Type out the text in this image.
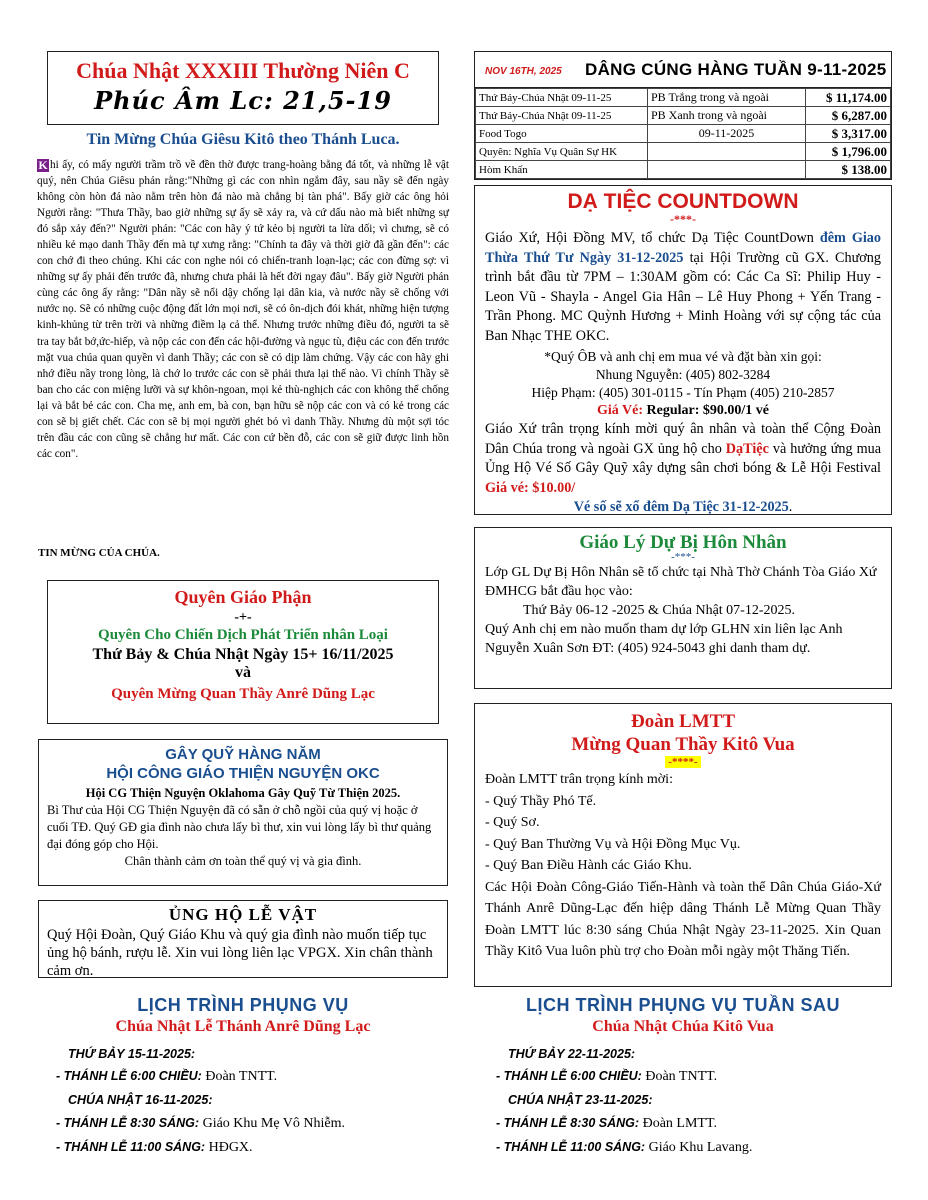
Chúa Nhật XXXIII Thường Niên C
Phúc Âm Lc: 21,5-19
Tin Mừng Chúa Giêsu Kitô theo Thánh Luca.
K hi ấy, có mấy người trầm trồ về đền thờ được trang-hoàng bằng đá tốt, và những lễ vật quý, nên Chúa Giêsu phán rằng:"Những gì các con nhìn ngắm đây, sau nầy sẽ đến ngày không còn hòn đá nào nằm trên hòn đá nào mà chẳng bị tàn phá". Bấy giờ các ông hỏi Người rằng: "Thưa Thầy, bao giờ những sự ấy sẽ xảy ra, và cứ dấu nào mà biết những sự đó sắp xảy đến?" Người phán: "Các con hãy ý tứ kẻo bị người ta lừa dối; vì chưng, sẽ có nhiều kẻ mạo danh Thầy đến mà tự xưng rằng: "Chính ta đây và thời giờ đã gần đến": các con chớ đi theo chúng. Khi các con nghe nói có chiến-tranh loạn-lạc; các con đừng sợ: vì những sự ấy phải đến trước đã, nhưng chưa phải là hết đời ngay đâu". Bấy giờ Người phán cùng các ông ấy rằng: "Dân nầy sẽ nổi dậy chống lại dân kia, và nước nầy sẽ chống với nước nọ. Sẽ có những cuộc động đất lớn mọi nơi, sẽ có ôn-dịch đói khát, những hiện tượng kinh-khủng từ trên trời và những điềm lạ cả thể. Nhưng trước những điều đó, người ta sẽ tra tay bắt bớ,ức-hiếp, và nộp các con đến các hội-đường và ngục tù, điệu các con đến trước mặt vua chúa quan quyền vì danh Thầy; các con sẽ có dịp làm chứng. Vậy các con hãy ghi nhớ điều nầy trong lòng, là chớ lo trước các con sẽ phải thưa lại thế nào. Vì chính Thầy sẽ ban cho các con miệng lưỡi và sự khôn-ngoan, mọi kẻ thù-nghịch các con không thể chống lại và bắt bẻ các con. Cha mẹ, anh em, bà con, bạn hữu sẽ nộp các con và có kẻ trong các con sẽ bị giết chết. Các con sẽ bị mọi người ghét bỏ vì danh Thầy. Nhưng dù một sợi tóc trên đầu các con cũng sẽ chẳng hư mất. Các con cứ bền đỗ, các con sẽ giữ được linh hồn các con".
TIN MỪNG CỦA CHÚA.
Quyên Giáo Phận
-+-
Quyên Cho Chiến Dịch Phát Triển nhân Loại
Thứ Bảy & Chúa Nhật Ngày 15+ 16/11/2025
và
Quyên Mừng Quan Thầy Anrê Dũng Lạc
GÂY QUỸ HÀNG NĂM
HỘI CÔNG GIÁO THIỆN NGUYỆN OKC
Hội CG Thiện Nguyện Oklahoma Gây Quỹ Từ Thiện 2025.
Bì Thư của Hội CG Thiện Nguyện đã có sẵn ở chỗ ngồi của quý vị hoặc ở cuối TĐ. Quý GĐ gia đình nào chưa lấy bì thư, xin vui lòng lấy bì thư quảng đại đóng góp cho Hội.
Chân thành cảm ơn toàn thể quý vị và gia đình.
ỦNG HỘ LỄ VẬT
Quý Hội Đoàn, Quý Giáo Khu và quý gia đình nào muốn tiếp tục ủng hộ bánh, rượu lễ. Xin vui lòng liên lạc VPGX. Xin chân thành cảm ơn.
LỊCH TRÌNH PHỤNG VỤ
Chúa Nhật Lễ Thánh Anrê Dũng Lạc
THỨ BẢY 15-11-2025:
- THÁNH LỄ 6:00 CHIỀU: Đoàn TNTT.
CHÚA NHẬT 16-11-2025:
- THÁNH LỄ 8:30 SÁNG: Giáo Khu Mẹ Vô Nhiễm.
- THÁNH LỄ 11:00 SÁNG: HĐGX.
NOV 16TH, 2025 DÂNG CÚNG HÀNG TUẦN 9-11-2025
Thứ Bảy-Chúa Nhật 09-11-25	PB Trắng trong và ngoài	$ 11,174.00
Thứ Bảy-Chúa Nhật 09-11-25	PB Xanh trong và ngoài	$ 6,287.00
Food Togo	09-11-2025	$ 3,317.00
Quyên: Nghĩa Vụ Quân Sự HK		$ 1,796.00
Hòm Khấn		$ 138.00
DẠ TIỆC COUNTDOWN
-***-
Giáo Xứ, Hội Đồng MV, tổ chức Dạ Tiệc CountDown đêm Giao Thừa Thứ Tư Ngày 31-12-2025 tại Hội Trường cũ GX. Chương trình bắt đầu từ 7PM – 1:30AM gồm có: Các Ca Sĩ: Philip Huy - Leon Vũ - Shayla - Angel Gia Hân – Lê Huy Phong + Yến Trang - Trần Phong. MC Quỳnh Hương + Minh Hoàng với sự cộng tác của Ban Nhạc THE OKC.
*Quý ÔB và anh chị em mua vé và đặt bàn xin gọi:
Nhung Nguyễn: (405) 802-3284
Hiệp Phạm: (405) 301-0115 - Tín Phạm (405) 210-2857
Giá Vé: Regular: $90.00/1 vé
Giáo Xứ trân trọng kính mời quý ân nhân và toàn thể Cộng Đoàn Dân Chúa trong và ngoài GX ủng hộ cho DạTiệc và hưởng ứng mua Ủng Hộ Vé Số Gây Quỹ xây dựng sân chơi bóng & Lễ Hội Festival Giá vé: $10.00/
Vé số sẽ xổ đêm Dạ Tiệc 31-12-2025.
Giáo Lý Dự Bị Hôn Nhân
-***-
Lớp GL Dự Bị Hôn Nhân sẽ tổ chức tại Nhà Thờ Chánh Tòa Giáo Xứ ĐMHCG bắt đầu học vào:
Thứ Bảy 06-12 -2025 & Chúa Nhật 07-12-2025.
Quý Anh chị em nào muốn tham dự lớp GLHN xin liên lạc Anh Nguyễn Xuân Sơn ĐT: (405) 924-5043 ghi danh tham dự.
Đoàn LMTT
Mừng Quan Thầy Kitô Vua
-****-
Đoàn LMTT trân trọng kính mời:
- Quý Thầy Phó Tế.
- Quý Sơ.
- Quý Ban Thường Vụ và Hội Đồng Mục Vụ.
- Quý Ban Điều Hành các Giáo Khu.
Các Hội Đoàn Công-Giáo Tiến-Hành và toàn thể Dân Chúa Giáo-Xứ Thánh Anrê Dũng-Lạc đến hiệp dâng Thánh Lễ Mừng Quan Thầy Đoàn LMTT lúc 8:30 sáng Chúa Nhật Ngày 23-11-2025. Xin Quan Thầy Kitô Vua luôn phù trợ cho Đoàn mỗi ngày một Thăng Tiến.
LỊCH TRÌNH PHỤNG VỤ TUẦN SAU
Chúa Nhật Chúa Kitô Vua
THỨ BẢY 22-11-2025:
- THÁNH LỄ 6:00 CHIỀU: Đoàn TNTT.
CHÚA NHẬT 23-11-2025:
- THÁNH LỄ 8:30 SÁNG: Đoàn LMTT.
- THÁNH LỄ 11:00 SÁNG: Giáo Khu Lavang.
